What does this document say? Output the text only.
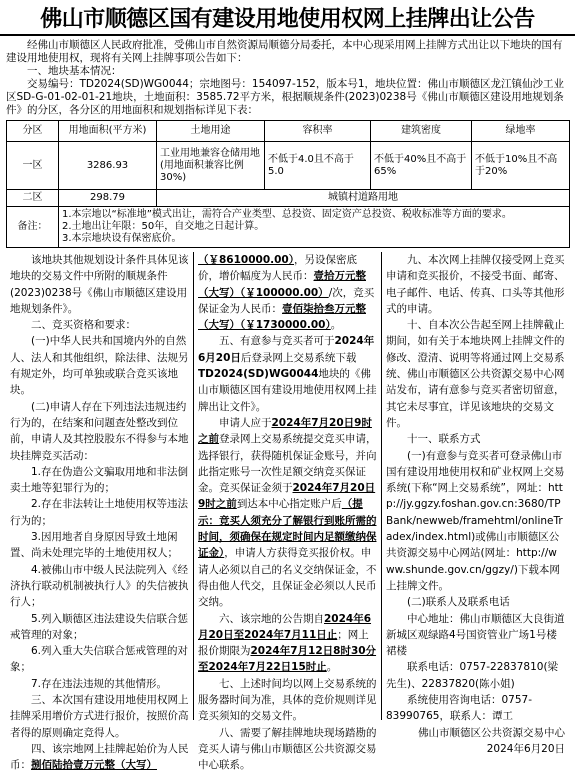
佛山市顺德区国有建设用地使用权网上挂牌出让公告

经佛山市顺德区人民政府批准，受佛山市自然资源局顺德分局委托，本中心现采用网上挂牌方式出让以下地块的国有建设用地使用权，现将有关网上挂牌事项公告如下：

一、地块基本情况：

交易编号：TD2024(SD)WG0044；宗地图号：154097-152，版本号1，地块位置：佛山市顺德区龙江镇仙沙工业区SD-G-01-02-01-21地块，土地面积：3585.72平方米，根据顺规条件(2023)0238号《佛山市顺德区建设用地规划条件》的分区，各分区的用地面积和规划指标详见下表：

分区	用地面积(平方米)	土地用途	容积率	建筑密度	绿地率
一区	3286.93	工业用地兼容仓储用地(用地面积兼容比例30%)	不低于4.0且不高于5.0	不低于40%且不高于65%	不低于10%且不高于20%
二区	298.79	城镇村道路用地			
备注：	1.本宗地以“标准地”模式出让，需符合产业类型、总投资、固定资产总投资、税收标准等方面的要求。
2.土地出让年限：50年，自交地之日起计算。
3.本宗地块设有保密底价。				

该地块其他规划设计条件具体见该地块的交易文件中所附的顺规条件(2023)0238号《佛山市顺德区建设用地规划条件》。

二、竞买资格和要求：

(一)中华人民共和国境内外的自然人、法人和其他组织，除法律、法规另有规定外，均可单独或联合竞买该地块。

(二)申请人存在下列违法违规违约行为的，在结案和问题查处整改到位前，申请人及其控股股东不得参与本地块挂牌竞买活动：

1.存在伪造公文骗取用地和非法倒卖土地等犯罪行为的；

2.存在非法转让土地使用权等违法行为的；

3.因用地者自身原因导致土地闲置、尚未处理完毕的土地使用权人；

4.被佛山市中级人民法院列入《经济执行联动机制被执行人》的失信被执行人；

5.列入顺德区违法建设失信联合惩戒管理的对象；

6.列入重大失信联合惩戒管理的对象；

7.存在违法违规的其他情形。

三、本次国有建设用地使用权网上挂牌采用增价方式进行报价，按照价高者得的原则确定竞得人。

四、该宗地网上挂牌起始价为人民币：捌佰陆拾壹万元整（大写）

（￥8610000.00），另设保密底价，增价幅度为人民币：壹拾万元整（大写）（￥100000.00）/次，竞买保证金为人民币：壹佰柒拾叁万元整（大写）（￥1730000.00）。

五、有意参与竞买者可于2024年6月20日后登录网上交易系统下载TD2024(SD)WG0044地块的《佛山市顺德区国有建设用地使用权网上挂牌出让文件》。

申请人应于2024年7月20日9时之前登录网上交易系统提交竞买申请，选择银行，获得随机保证金账号，并向此指定账号一次性足额交纳竞买保证金。竞买保证金须于2024年7月20日9时之前到达本中心指定账户后（提示：竞买人须充分了解银行到账所需的时间，须确保在规定时间内足额缴纳保证金），申请人方获得竞买报价权。申请人必须以自己的名义交纳保证金，不得由他人代交，且保证金必须以人民币交纳。

六、该宗地的公告期自2024年6月20日至2024年7月11日止；网上报价期限为2024年7月12日8时30分至2024年7月22日15时止。

七、上述时间均以网上交易系统的服务器时间为准，具体的竞价规则详见竞买须知的交易文件。

八、需要了解挂牌地块现场踏勘的竞买人请与佛山市顺德区公共资源交易中心联系。

九、本次网上挂牌仅接受网上竞买申请和竞买报价，不接受书面、邮寄、电子邮件、电话、传真、口头等其他形式的申请。

十、自本次公告起至网上挂牌截止期间，如有关于本地块网上挂牌文件的修改、澄清、说明等将通过网上交易系统、佛山市顺德区公共资源交易中心网站发布，请有意参与竞买者密切留意，其它未尽事宜，详见该地块的交易文件。

十一、联系方式

(一)有意参与竞买者可登录佛山市国有建设用地使用权和矿业权网上交易系统(下称“网上交易系统”，网址：http://jy.ggzy.foshan.gov.cn:3680/TPBank/newweb/framehtml/onlineTradex/index.html)或佛山市顺德区公共资源交易中心网站(网址：http://www.shunde.gov.cn/ggzy/)下载本网上挂牌文件。

(二)联系人及联系电话

中心地址：佛山市顺德区大良街道新城区观绿路4号国资管业广场1号楼裙楼

联系电话：0757-22837810(梁先生)、22837820(陈小姐)

系统使用咨询电话：0757-83990765，联系人：谭工

佛山市顺德区公共资源交易中心

2024年6月20日
